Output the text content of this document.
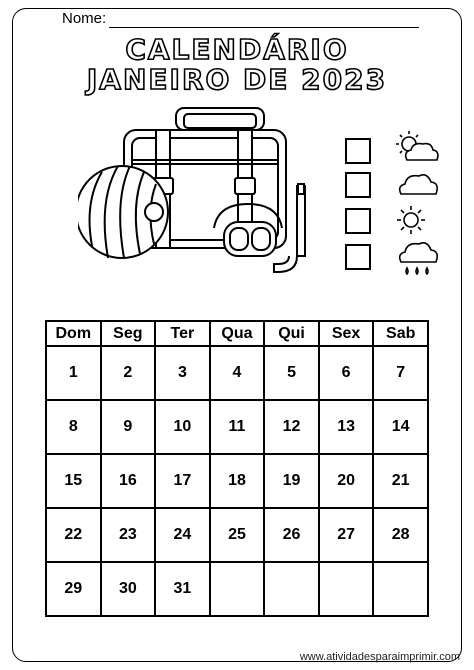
Nome:
CALENDÁRIO
JANEIRO DE 2023
Dom	Seg	Ter	Qua	Qui	Sex	Sab
1	2	3	4	5	6	7
8	9	10	11	12	13	14
15	16	17	18	19	20	21
22	23	24	25	26	27	28
29	30	31				
www.atividadesparaimprimir.com
